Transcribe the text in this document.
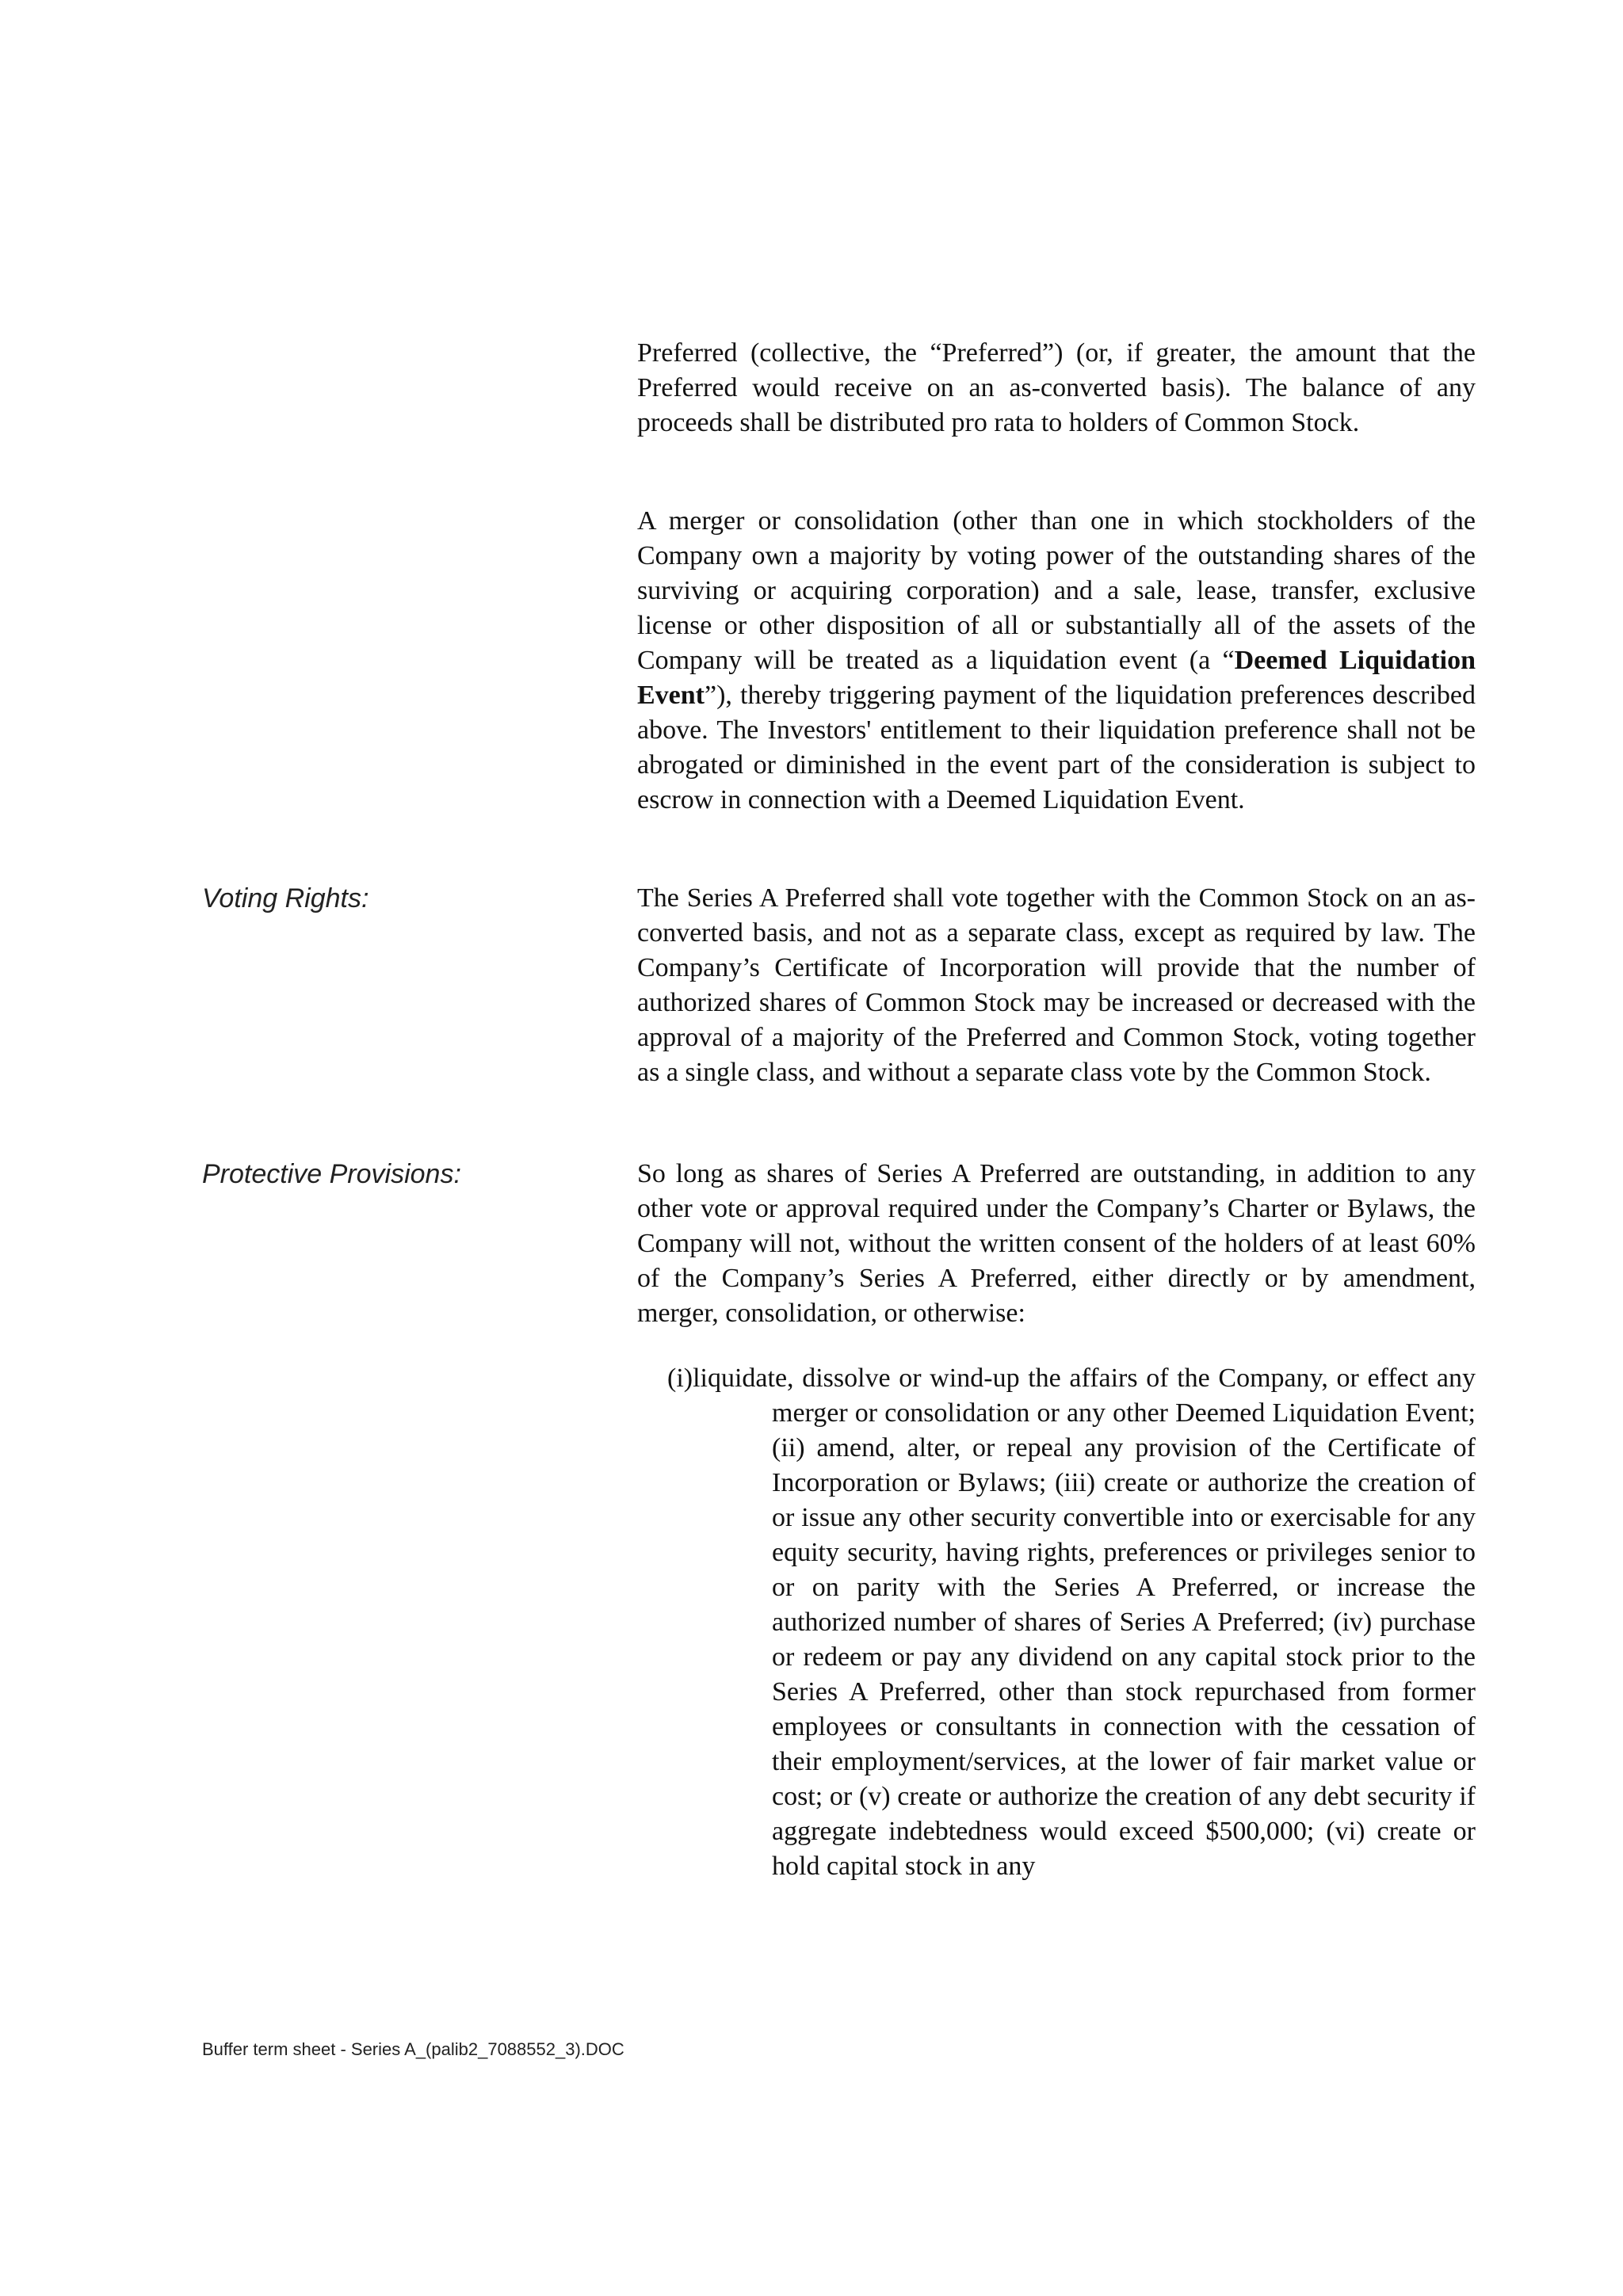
Preferred (collective, the “Preferred”) (or, if greater, the amount that the Preferred would receive on an as-converted basis). The balance of any proceeds shall be distributed pro rata to holders of Common Stock.
A merger or consolidation (other than one in which stockholders of the Company own a majority by voting power of the outstanding shares of the surviving or acquiring corporation) and a sale, lease, transfer, exclusive license or other disposition of all or substantially all of the assets of the Company will be treated as a liquidation event (a “Deemed Liquidation Event”), thereby triggering payment of the liquidation preferences described above. The Investors' entitlement to their liquidation preference shall not be abrogated or diminished in the event part of the consideration is subject to escrow in connection with a Deemed Liquidation Event.
Voting Rights:	The Series A Preferred shall vote together with the Common Stock on an as-converted basis, and not as a separate class, except as required by law. The Company’s Certificate of Incorporation will provide that the number of authorized shares of Common Stock may be increased or decreased with the approval of a majority of the Preferred and Common Stock, voting together as a single class, and without a separate class vote by the Common Stock.
Protective Provisions:	So long as shares of Series A Preferred are outstanding, in addition to any other vote or approval required under the Company’s Charter or Bylaws, the Company will not, without the written consent of the holders of at least 60% of the Company’s Series A Preferred, either directly or by amendment, merger, consolidation, or otherwise:
(i)liquidate, dissolve or wind-up the affairs of the Company, or effect any merger or consolidation or any other Deemed Liquidation Event; (ii) amend, alter, or repeal any provision of the Certificate of Incorporation or Bylaws; (iii) create or authorize the creation of or issue any other security convertible into or exercisable for any equity security, having rights, preferences or privileges senior to or on parity with the Series A Preferred, or increase the authorized number of shares of Series A Preferred; (iv) purchase or redeem or pay any dividend on any capital stock prior to the Series A Preferred, other than stock repurchased from former employees or consultants in connection with the cessation of their employment/services, at the lower of fair market value or cost; or (v) create or authorize the creation of any debt security if aggregate indebtedness would exceed $500,000; (vi) create or hold capital stock in any
Buffer term sheet - Series A_(palib2_7088552_3).DOC
